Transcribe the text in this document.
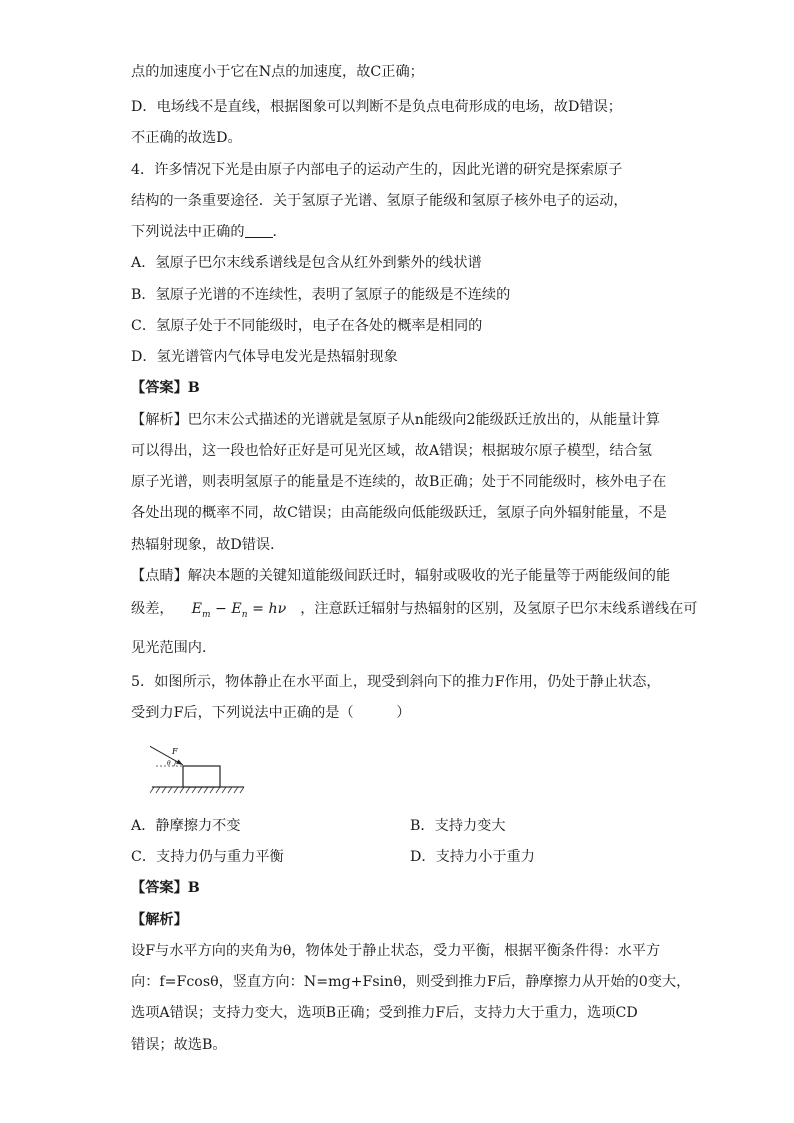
点的加速度小于它在N点的加速度，故C正确；
D．电场线不是直线，根据图象可以判断不是负点电荷形成的电场，故D错误；
不正确的故选D。
4．许多情况下光是由原子内部电子的运动产生的，因此光谱的研究是探索原子
结构的一条重要途径．关于氢原子光谱、氢原子能级和氢原子核外电子的运动，
下列说法中正确的 ．
A．氢原子巴尔末线系谱线是包含从红外到紫外的线状谱
B．氢原子光谱的不连续性，表明了氢原子的能级是不连续的
C．氢原子处于不同能级时，电子在各处的概率是相同的
D．氢光谱管内气体导电发光是热辐射现象
【答案】B
【解析】巴尔末公式描述的光谱就是氢原子从n能级向2能级跃迁放出的，从能量计算
可以得出，这一段也恰好正好是可见光区域，故A错误；根据玻尔原子模型，结合氢
原子光谱，则表明氢原子的能量是不连续的，故B正确；处于不同能级时，核外电子在
各处出现的概率不同，故C错误；由高能级向低能级跃迁，氢原子向外辐射能量，不是
热辐射现象，故D错误．
【点睛】解决本题的关键知道能级间跃迁时，辐射或吸收的光子能量等于两能级间的能
级差， $E_m - E_n = h\nu$ ，注意跃迁辐射与热辐射的区别，及氢原子巴尔末线系谱线在可
见光范围内．
5．如图所示，物体静止在水平面上，现受到斜向下的推力F作用，仍处于静止状态，
受到力F后，下列说法中正确的是（　　　）
F
θ
A．静摩擦力不变	B．支持力变大
C．支持力仍与重力平衡	D．支持力小于重力
【答案】B
【解析】
设F与水平方向的夹角为θ，物体处于静止状态，受力平衡，根据平衡条件得：水平方
向：f=Fcosθ，竖直方向：N=mg+Fsinθ，则受到推力F后，静摩擦力从开始的0变大，
选项A错误；支持力变大，选项B正确；受到推力F后，支持力大于重力，选项CD
错误；故选B。
